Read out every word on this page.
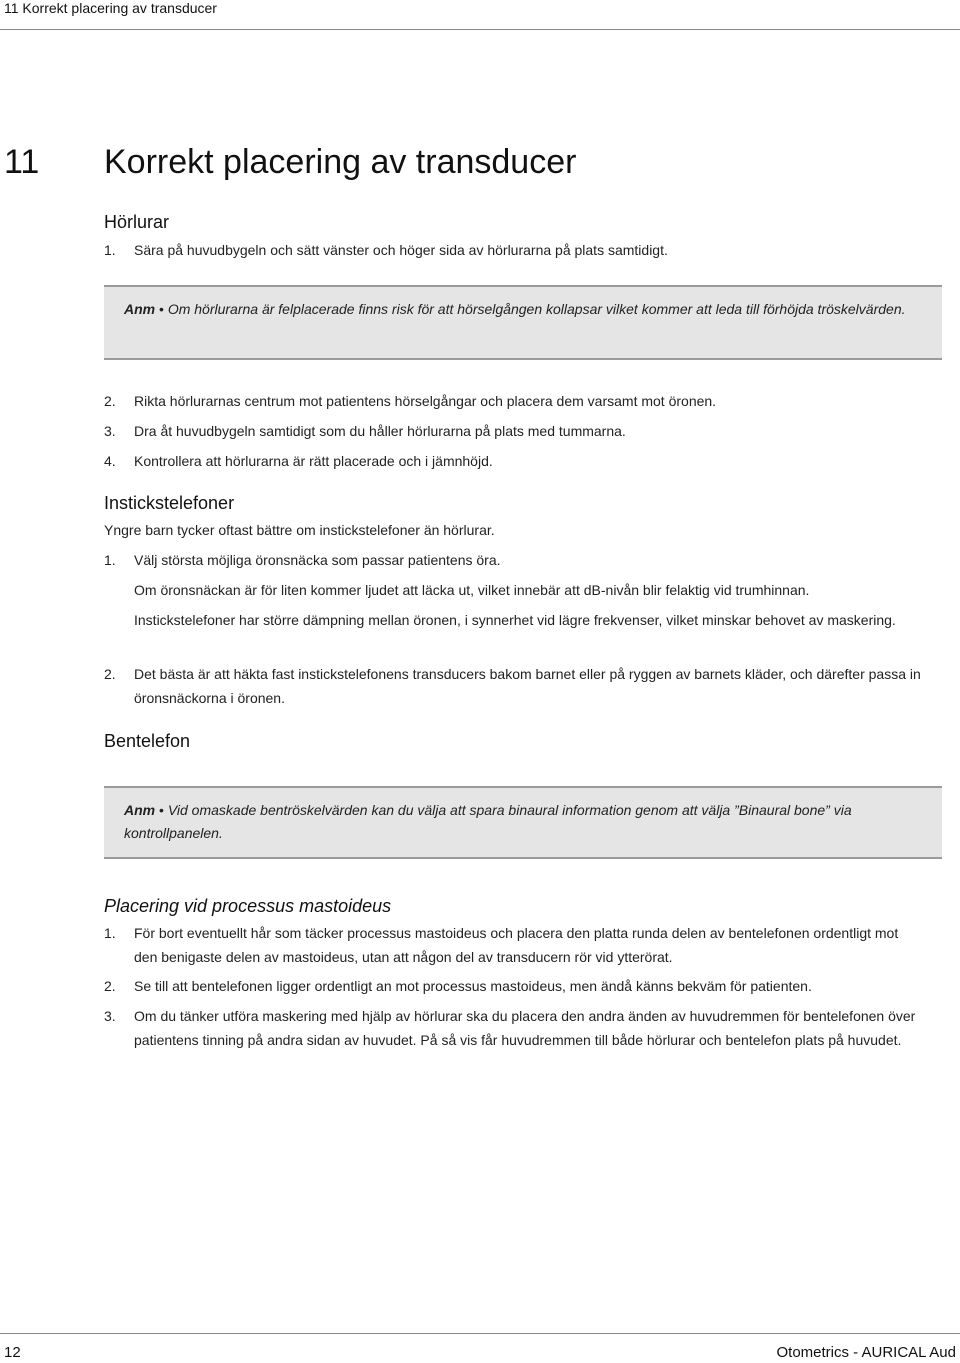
11 Korrekt placering av transducer
11 Korrekt placering av transducer
Hörlurar
1.	Sära på huvudbygeln och sätt vänster och höger sida av hörlurarna på plats samtidigt.
Anm • Om hörlurarna är felplacerade finns risk för att hörselgången kollapsar vilket kommer att leda till förhöjda tröskelvärden.
2.	Rikta hörlurarnas centrum mot patientens hörselgångar och placera dem varsamt mot öronen.
3.	Dra åt huvudbygeln samtidigt som du håller hörlurarna på plats med tummarna.
4.	Kontrollera att hörlurarna är rätt placerade och i jämnhöjd.
Instickstelefoner
Yngre barn tycker oftast bättre om instickstelefoner än hörlurar.
1.	Välj största möjliga öronsnäcka som passar patientens öra.
Om öronsnäckan är för liten kommer ljudet att läcka ut, vilket innebär att dB-nivån blir felaktig vid trumhinnan.
Instickstelefoner har större dämpning mellan öronen, i synnerhet vid lägre frekvenser, vilket minskar behovet av maskering.
2.	Det bästa är att häkta fast instickstelefonens transducers bakom barnet eller på ryggen av barnets kläder, och därefter passa in öronsnäckorna i öronen.
Bentelefon
Anm • Vid omaskade bentröskelvärden kan du välja att spara binaural information genom att välja ”Binaural bone” via kontrollpanelen.
Placering vid processus mastoideus
1.	För bort eventuellt hår som täcker processus mastoideus och placera den platta runda delen av bentelefonen ordentligt mot den benigaste delen av mastoideus, utan att någon del av transducern rör vid ytterörat.
2.	Se till att bentelefonen ligger ordentligt an mot processus mastoideus, men ändå känns bekväm för patienten.
3.	Om du tänker utföra maskering med hjälp av hörlurar ska du placera den andra änden av huvudremmen för bentelefonen över patientens tinning på andra sidan av huvudet. På så vis får huvudremmen till både hörlurar och bentelefon plats på huvudet.
12	Otometrics - AURICAL Aud
